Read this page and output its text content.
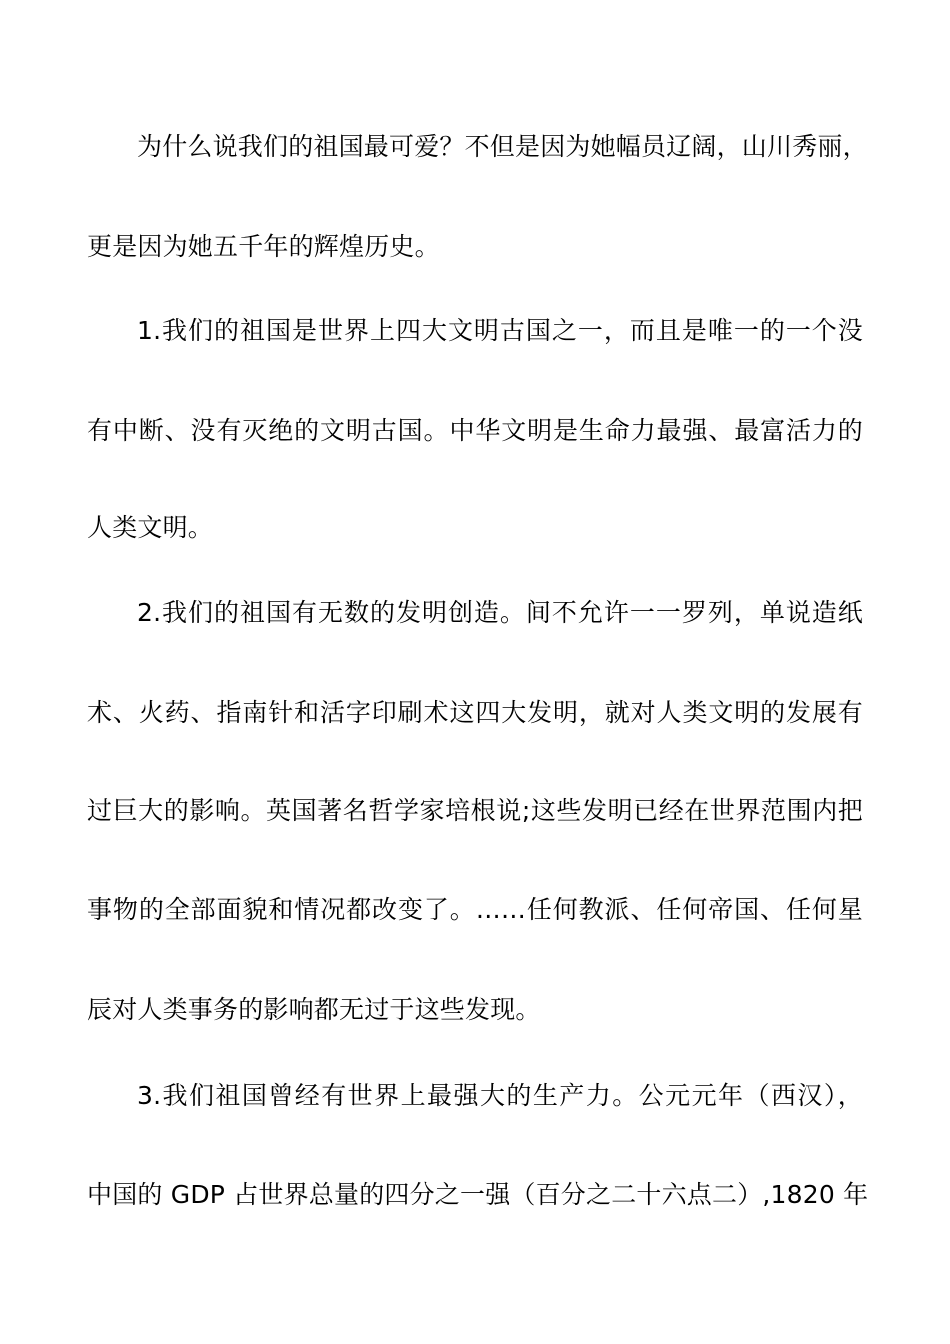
为什么说我们的祖国最可爱？不但是因为她幅员辽阔，山川秀丽，
更是因为她五千年的辉煌历史。
1.我们的祖国是世界上四大文明古国之一，而且是唯一的一个没
有中断、没有灭绝的文明古国。中华文明是生命力最强、最富活力的
人类文明。
2.我们的祖国有无数的发明创造。间不允许一一罗列，单说造纸
术、火药、指南针和活字印刷术这四大发明，就对人类文明的发展有
过巨大的影响。英国著名哲学家培根说;这些发明已经在世界范围内把
事物的全部面貌和情况都改变了。……任何教派、任何帝国、任何星
辰对人类事务的影响都无过于这些发现。
3.我们祖国曾经有世界上最强大的生产力。公元元年（西汉），
中国的 GDP 占世界总量的四分之一强（百分之二十六点二）,1820 年
